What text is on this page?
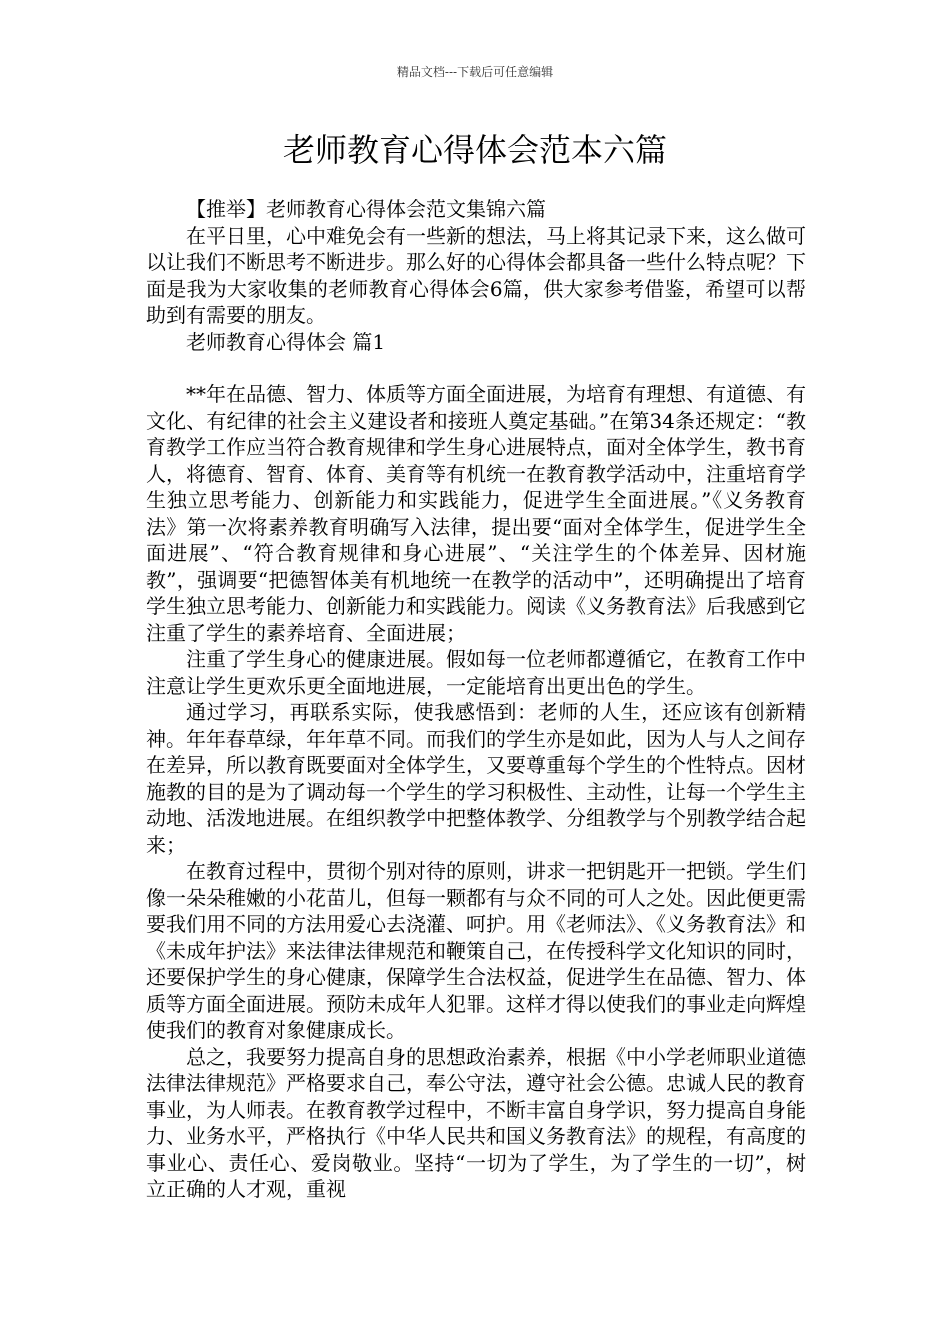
精品文档---下载后可任意编辑
老师教育心得体会范本六篇

【推举】老师教育心得体会范文集锦六篇

在平日里，心中难免会有一些新的想法，马上将其记录下来，这么做可以让我们不断思考不断进步。那么好的心得体会都具备一些什么特点呢？下面是我为大家收集的老师教育心得体会6篇，供大家参考借鉴，希望可以帮助到有需要的朋友。

老师教育心得体会 篇1

**年在品德、智力、体质等方面全面进展，为培育有理想、有道德、有文化、有纪律的社会主义建设者和接班人奠定基础。”在第34条还规定：“教育教学工作应当符合教育规律和学生身心进展特点，面对全体学生，教书育人，将德育、智育、体育、美育等有机统一在教育教学活动中，注重培育学生独立思考能力、创新能力和实践能力，促进学生全面进展。”《义务教育法》第一次将素养教育明确写入法律，提出要“面对全体学生，促进学生全面进展”、“符合教育规律和身心进展”、“关注学生的个体差异、因材施教”，强调要“把德智体美有机地统一在教学的活动中”，还明确提出了培育学生独立思考能力、创新能力和实践能力。阅读《义务教育法》后我感到它注重了学生的素养培育、全面进展；

注重了学生身心的健康进展。假如每一位老师都遵循它，在教育工作中注意让学生更欢乐更全面地进展，一定能培育出更出色的学生。

通过学习，再联系实际，使我感悟到：老师的人生，还应该有创新精神。年年春草绿，年年草不同。而我们的学生亦是如此，因为人与人之间存在差异，所以教育既要面对全体学生，又要尊重每个学生的个性特点。因材施教的目的是为了调动每一个学生的学习积极性、主动性，让每一个学生主动地、活泼地进展。在组织教学中把整体教学、分组教学与个别教学结合起来；

在教育过程中，贯彻个别对待的原则，讲求一把钥匙开一把锁。学生们像一朵朵稚嫩的小花苗儿，但每一颗都有与众不同的可人之处。因此便更需要我们用不同的方法用爱心去浇灌、呵护。用《老师法》、《义务教育法》和《未成年护法》来法律法律规范和鞭策自己，在传授科学文化知识的同时，还要保护学生的身心健康，保障学生合法权益，促进学生在品德、智力、体质等方面全面进展。预防未成年人犯罪。这样才得以使我们的事业走向辉煌使我们的教育对象健康成长。

总之，我要努力提高自身的思想政治素养，根据《中小学老师职业道德法律法律规范》严格要求自己，奉公守法，遵守社会公德。忠诚人民的教育事业，为人师表。在教育教学过程中，不断丰富自身学识，努力提高自身能力、业务水平，严格执行《中华人民共和国义务教育法》的规程，有高度的事业心、责任心、爱岗敬业。坚持“一切为了学生，为了学生的一切”，树立正确的人才观，重视
